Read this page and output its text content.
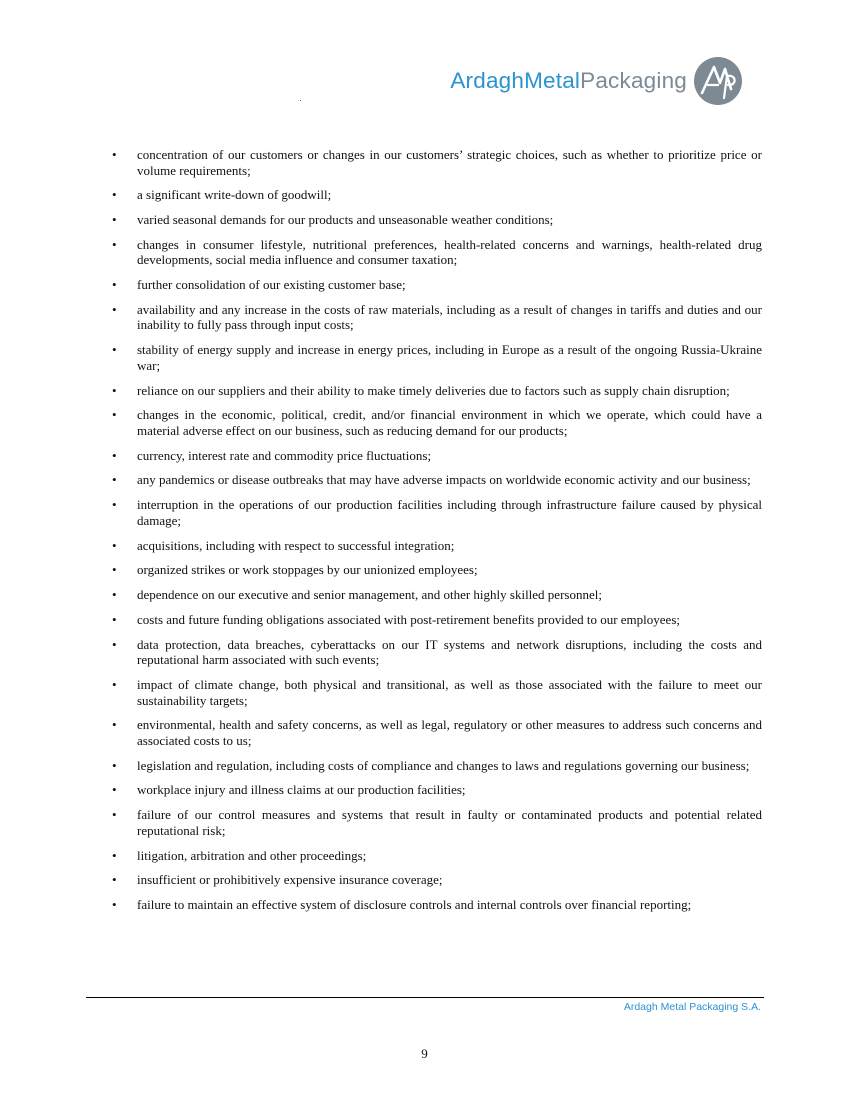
ArdaghMetalPackaging
• concentration of our customers or changes in our customers’ strategic choices, such as whether to prioritize price or volume requirements;
• a significant write-down of goodwill;
• varied seasonal demands for our products and unseasonable weather conditions;
• changes in consumer lifestyle, nutritional preferences, health-related concerns and warnings, health-related drug developments, social media influence and consumer taxation;
• further consolidation of our existing customer base;
• availability and any increase in the costs of raw materials, including as a result of changes in tariffs and duties and our inability to fully pass through input costs;
• stability of energy supply and increase in energy prices, including in Europe as a result of the ongoing Russia-Ukraine war;
• reliance on our suppliers and their ability to make timely deliveries due to factors such as supply chain disruption;
• changes in the economic, political, credit, and/or financial environment in which we operate, which could have a material adverse effect on our business, such as reducing demand for our products;
• currency, interest rate and commodity price fluctuations;
• any pandemics or disease outbreaks that may have adverse impacts on worldwide economic activity and our business;
• interruption in the operations of our production facilities including through infrastructure failure caused by physical damage;
• acquisitions, including with respect to successful integration;
• organized strikes or work stoppages by our unionized employees;
• dependence on our executive and senior management, and other highly skilled personnel;
• costs and future funding obligations associated with post-retirement benefits provided to our employees;
• data protection, data breaches, cyberattacks on our IT systems and network disruptions, including the costs and reputational harm associated with such events;
• impact of climate change, both physical and transitional, as well as those associated with the failure to meet our sustainability targets;
• environmental, health and safety concerns, as well as legal, regulatory or other measures to address such concerns and associated costs to us;
• legislation and regulation, including costs of compliance and changes to laws and regulations governing our business;
• workplace injury and illness claims at our production facilities;
• failure of our control measures and systems that result in faulty or contaminated products and potential related reputational risk;
• litigation, arbitration and other proceedings;
• insufficient or prohibitively expensive insurance coverage;
• failure to maintain an effective system of disclosure controls and internal controls over financial reporting;
Ardagh Metal Packaging S.A.
9
